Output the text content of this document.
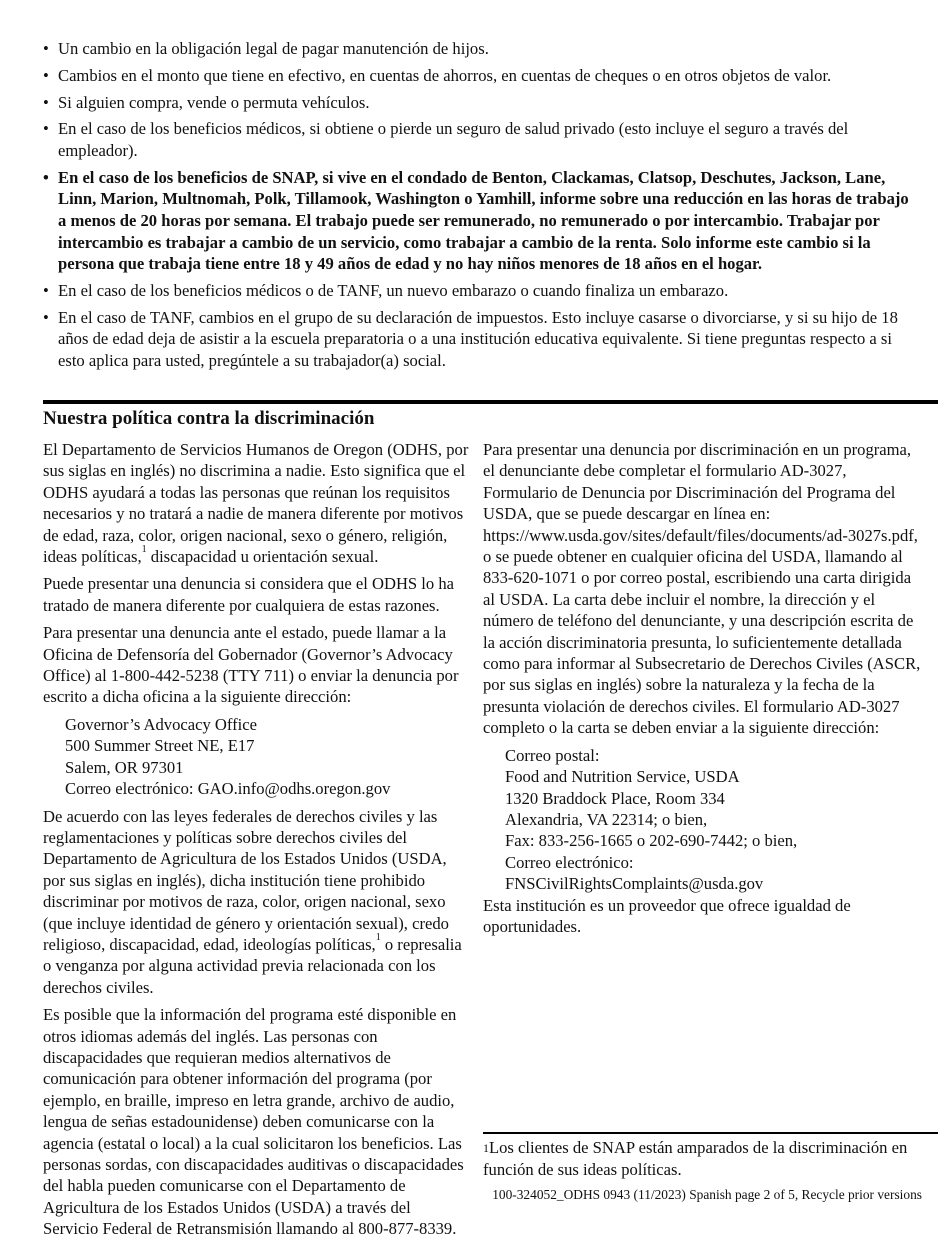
• Un cambio en la obligación legal de pagar manutención de hijos.
• Cambios en el monto que tiene en efectivo, en cuentas de ahorros, en cuentas de cheques o en otros objetos de valor.
• Si alguien compra, vende o permuta vehículos.
• En el caso de los beneficios médicos, si obtiene o pierde un seguro de salud privado (esto incluye el seguro a través del empleador).
• En el caso de los beneficios de SNAP, si vive en el condado de Benton, Clackamas, Clatsop, Deschutes, Jackson, Lane, Linn, Marion, Multnomah, Polk, Tillamook, Washington o Yamhill, informe sobre una reducción en las horas de trabajo a menos de 20 horas por semana. El trabajo puede ser remunerado, no remunerado o por intercambio. Trabajar por intercambio es trabajar a cambio de un servicio, como trabajar a cambio de la renta. Solo informe este cambio si la persona que trabaja tiene entre 18 y 49 años de edad y no hay niños menores de 18 años en el hogar.
• En el caso de los beneficios médicos o de TANF, un nuevo embarazo o cuando finaliza un embarazo.
• En el caso de TANF, cambios en el grupo de su declaración de impuestos. Esto incluye casarse o divorciarse, y si su hijo de 18 años de edad deja de asistir a la escuela preparatoria o a una institución educativa equivalente. Si tiene preguntas respecto a si esto aplica para usted, pregúntele a su trabajador(a) social.
Nuestra política contra la discriminación

El Departamento de Servicios Humanos de Oregon (ODHS, por sus siglas en inglés) no discrimina a nadie. Esto significa que el ODHS ayudará a todas las personas que reúnan los requisitos necesarios y no tratará a nadie de manera diferente por motivos de edad, raza, color, origen nacional, sexo o género, religión, ideas políticas,$^1$ discapacidad u orientación sexual.

Puede presentar una denuncia si considera que el ODHS lo ha tratado de manera diferente por cualquiera de estas razones.

Para presentar una denuncia ante el estado, puede llamar a la Oficina de Defensoría del Gobernador (Governor’s Advocacy Office) al 1-800-442-5238 (TTY 711) o enviar la denuncia por escrito a dicha oficina a la siguiente dirección:

Governor’s Advocacy Office
500 Summer Street NE, E17
Salem, OR 97301
Correo electrónico: GAO.info@odhs.oregon.gov

De acuerdo con las leyes federales de derechos civiles y las reglamentaciones y políticas sobre derechos civiles del Departamento de Agricultura de los Estados Unidos (USDA, por sus siglas en inglés), dicha institución tiene prohibido discriminar por motivos de raza, color, origen nacional, sexo (que incluye identidad de género y orientación sexual), credo religioso, discapacidad, edad, ideologías políticas,$^1$ o represalia o venganza por alguna actividad previa relacionada con los derechos civiles.

Es posible que la información del programa esté disponible en otros idiomas además del inglés. Las personas con discapacidades que requieran medios alternativos de comunicación para obtener información del programa (por ejemplo, en braille, impreso en letra grande, archivo de audio, lengua de señas estadounidense) deben comunicarse con la agencia (estatal o local) a la cual solicitaron los beneficios. Las personas sordas, con discapacidades auditivas o discapacidades del habla pueden comunicarse con el Departamento de Agricultura de los Estados Unidos (USDA) a través del Servicio Federal de Retransmisión llamando al 800-877-8339.

Para presentar una denuncia por discriminación en un programa, el denunciante debe completar el formulario AD-3027, Formulario de Denuncia por Discriminación del Programa del USDA, que se puede descargar en línea en: https://www.usda.gov/sites/default/files/documents/ad-3027s.pdf, o se puede obtener en cualquier oficina del USDA, llamando al 833-620-1071 o por correo postal, escribiendo una carta dirigida al USDA. La carta debe incluir el nombre, la dirección y el número de teléfono del denunciante, y una descripción escrita de la acción discriminatoria presunta, lo suficientemente detallada como para informar al Subsecretario de Derechos Civiles (ASCR, por sus siglas en inglés) sobre la naturaleza y la fecha de la presunta violación de derechos civiles. El formulario AD-3027 completo o la carta se deben enviar a la siguiente dirección:

Correo postal:
Food and Nutrition Service, USDA
1320 Braddock Place, Room 334
Alexandria, VA 22314; o bien,
Fax: 833-256-1665 o 202-690-7442; o bien,
Correo electrónico:
FNSCivilRightsComplaints@usda.gov

Esta institución es un proveedor que ofrece igualdad de oportunidades.

$^1$Los clientes de SNAP están amparados de la discriminación en función de sus ideas políticas.

100-324052_ODHS 0943 (11/2023) Spanish page 2 of 5, Recycle prior versions
